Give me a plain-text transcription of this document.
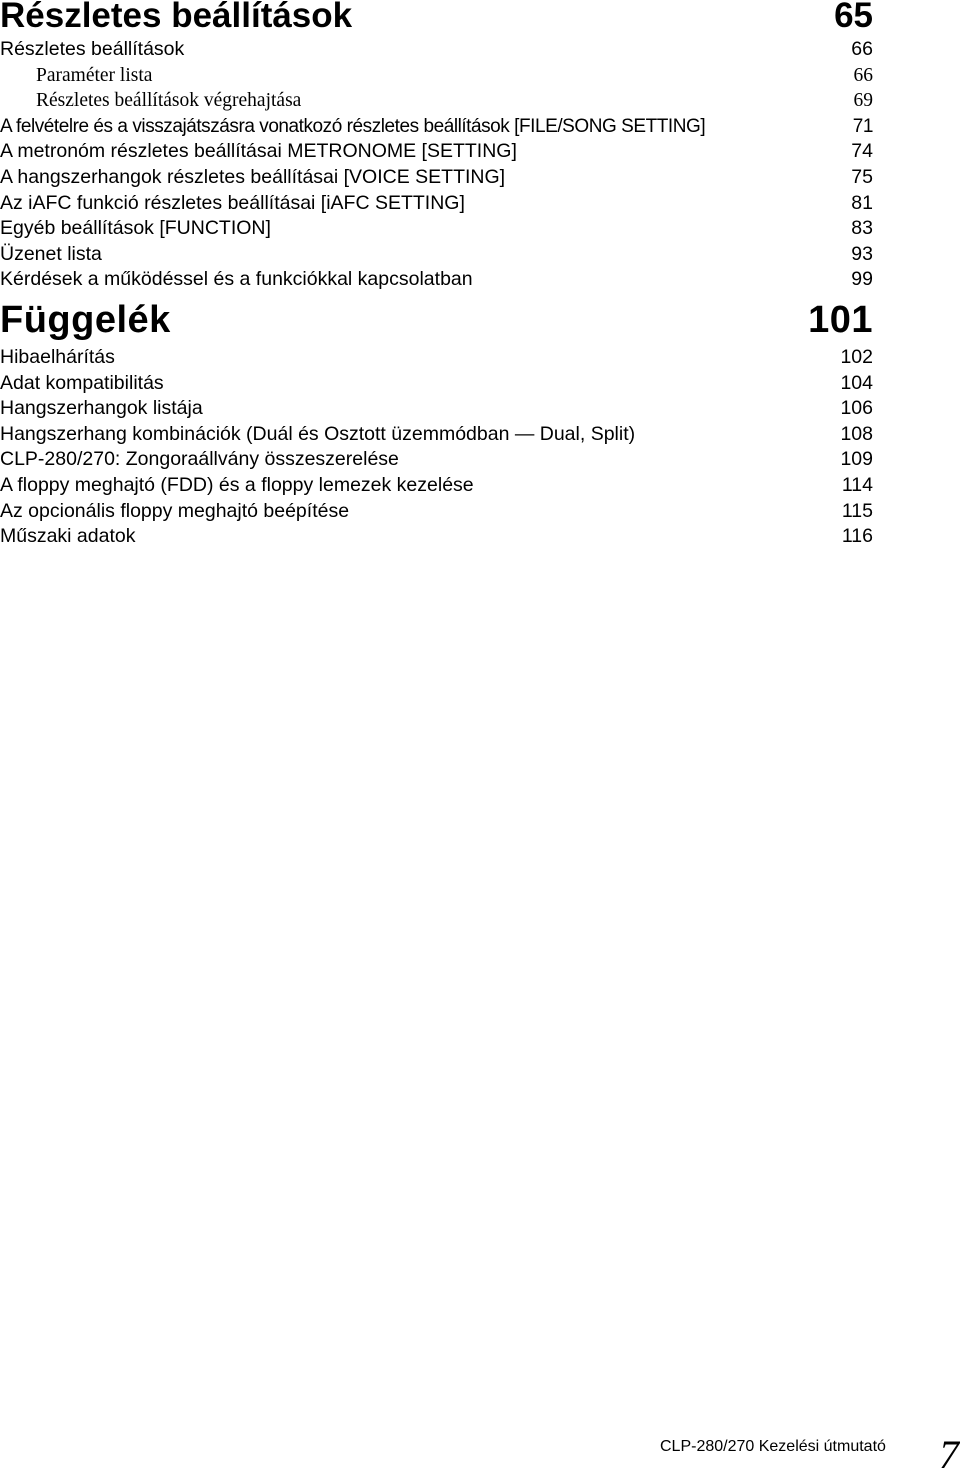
Részletes beállítások	65
Részletes beállítások	66
Paraméter lista	66
Részletes beállítások végrehajtása	69
A felvételre és a visszajátszásra vonatkozó részletes beállítások [FILE/SONG SETTING]	71
A metronóm részletes beállításai METRONOME [SETTING]	74
A hangszerhangok részletes beállításai [VOICE SETTING]	75
Az iAFC funkció részletes beállításai [iAFC SETTING]	81
Egyéb beállítások [FUNCTION]	83
Üzenet lista	93
Kérdések a működéssel és a funkciókkal kapcsolatban	99
Függelék	101
Hibaelhárítás	102
Adat kompatibilitás	104
Hangszerhangok listája	106
Hangszerhang kombinációk (Duál és Osztott üzemmódban — Dual, Split)	108
CLP-280/270: Zongoraállvány összeszerelése	109
A floppy meghajtó (FDD) és a floppy lemezek kezelése	114
Az opcionális floppy meghajtó beépítése	115
Műszaki adatok	116
CLP-280/270 Kezelési útmutató 7
